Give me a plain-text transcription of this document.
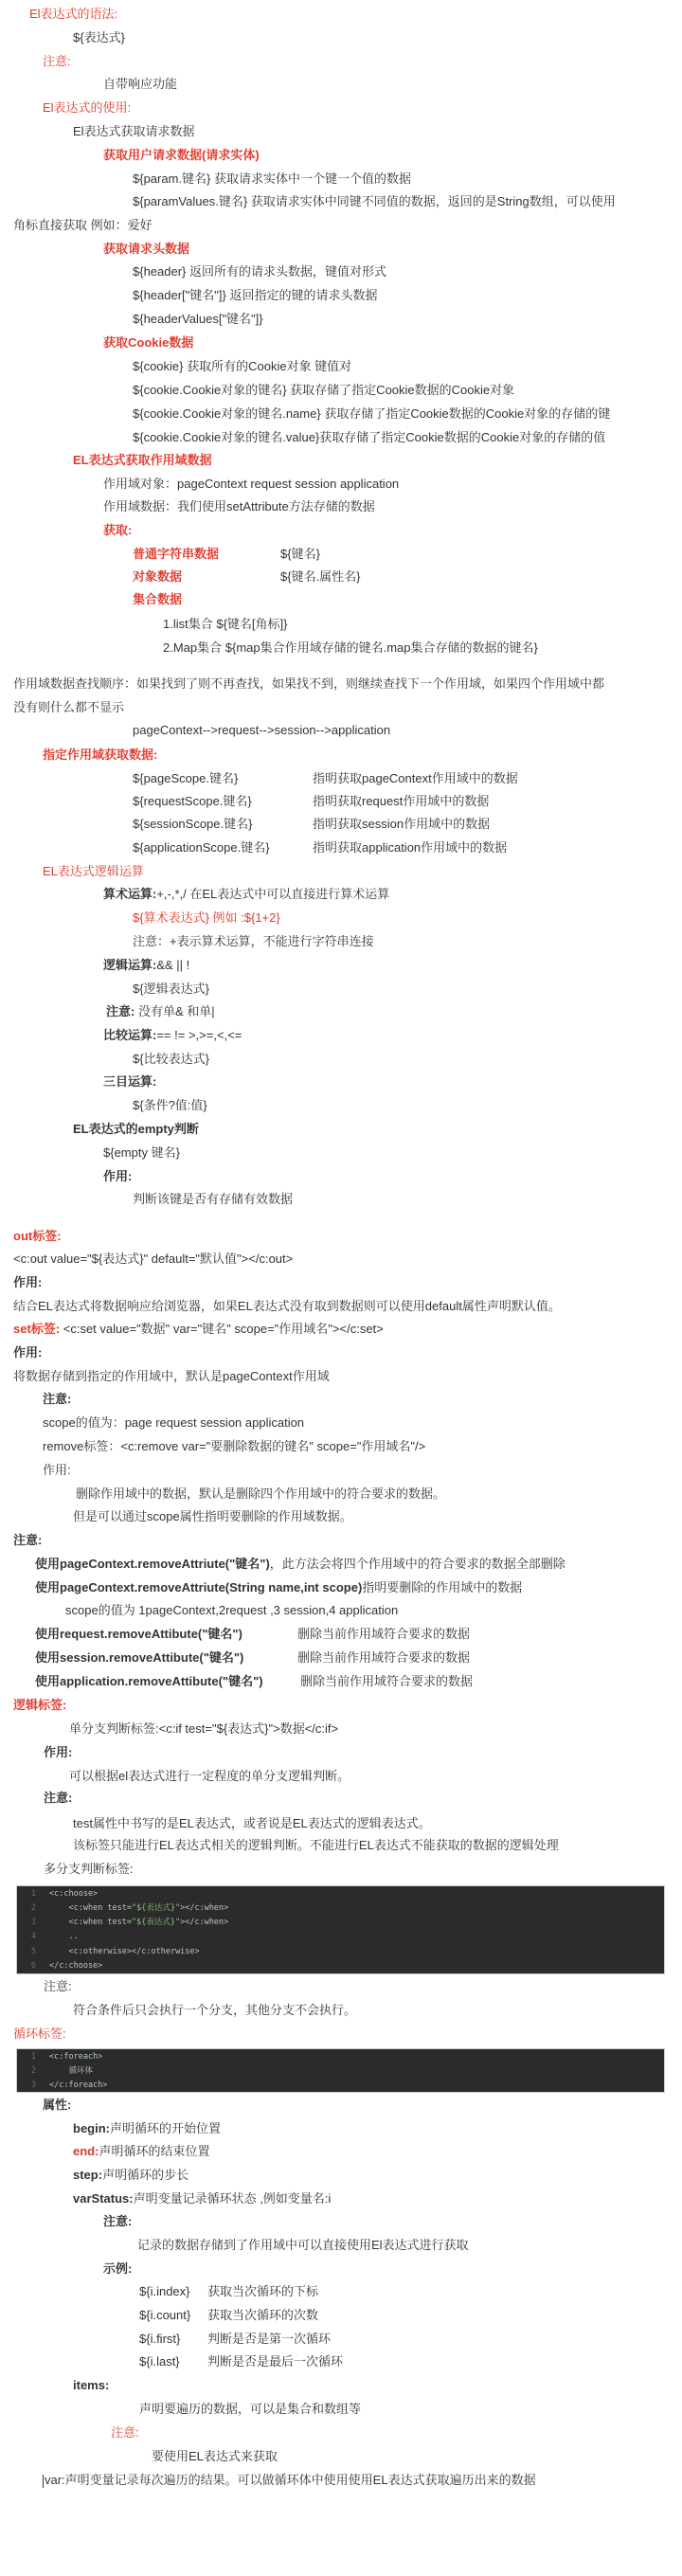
El表达式的语法:
${表达式}
注意:
自带响应功能
El表达式的使用:
El表达式获取请求数据
获取用户请求数据(请求实体)
${param.键名} 获取请求实体中一个键一个值的数据
${paramValues.键名} 获取请求实体中同键不同值的数据，返回的是String数组，可以使用
角标直接获取 例如：爱好
获取请求头数据
${header} 返回所有的请求头数据，键值对形式
${header["键名"]} 返回指定的键的请求头数据
${headerValues["键名"]}
获取Cookie数据
${cookie} 获取所有的Cookie对象 键值对
${cookie.Cookie对象的键名} 获取存储了指定Cookie数据的Cookie对象
${cookie.Cookie对象的键名.name} 获取存储了指定Cookie数据的Cookie对象的存储的键
${cookie.Cookie对象的键名.value}获取存储了指定Cookie数据的Cookie对象的存储的值
EL表达式获取作用域数据
作用域对象：pageContext request session application
作用域数据：我们使用setAttribute方法存储的数据
获取:
普通字符串数据	${键名}
对象数据	${键名.属性名}
集合数据
1.list集合 ${键名[角标]}
2.Map集合 ${map集合作用域存储的键名.map集合存储的数据的键名}
作用域数据查找顺序：如果找到了则不再查找，如果找不到，则继续查找下一个作用域，如果四个作用域中都
没有则什么都不显示
pageContext-->request-->session-->application
指定作用域获取数据:
${pageScope.键名}	指明获取pageContext作用域中的数据
${requestScope.键名}	指明获取request作用域中的数据
${sessionScope.键名}	指明获取session作用域中的数据
${applicationScope.键名}	指明获取application作用域中的数据
EL表达式逻辑运算
算术运算:+,-,*,/ 在EL表达式中可以直接进行算术运算
${算术表达式} 例如 :${1+2}
注意：+表示算术运算，不能进行字符串连接
逻辑运算:&& || !
${逻辑表达式}
注意: 没有单& 和单|
比较运算:== != >,>=,<,<=
${比较表达式}
三目运算:
${条件?值:值}
EL表达式的empty判断
${empty 键名}
作用:
判断该键是否有存储有效数据
out标签:
<c:out value="${表达式}" default="默认值"></c:out>
作用:
结合EL表达式将数据响应给浏览器，如果EL表达式没有取到数据则可以使用default属性声明默认值。
set标签: <c:set value="数据" var="键名" scope="作用域名"></c:set>
作用:
将数据存储到指定的作用域中，默认是pageContext作用域
注意:
scope的值为：page request session application
remove标签：<c:remove var="要删除数据的键名" scope="作用域名"/>
作用:
删除作用域中的数据，默认是删除四个作用域中的符合要求的数据。
但是可以通过scope属性指明要删除的作用域数据。
注意:
使用pageContext.removeAttriute("键名")，此方法会将四个作用域中的符合要求的数据全部删除
使用pageContext.removeAttriute(String name,int scope)指明要删除的作用域中的数据
scope的值为 1pageContext,2request ,3 session,4 application
使用request.removeAttibute("键名")	删除当前作用域符合要求的数据
使用session.removeAttibute("键名")	删除当前作用域符合要求的数据
使用application.removeAttibute("键名")	删除当前作用域符合要求的数据
逻辑标签:
单分支判断标签:<c:if test="${表达式}">数据</c:if>
作用:
可以根据el表达式进行一定程度的单分支逻辑判断。
注意:
test属性中书写的是EL表达式，或者说是EL表达式的逻辑表达式。
该标签只能进行EL表达式相关的逻辑判断。不能进行EL表达式不能获取的数据的逻辑处理
多分支判断标签:
1 <c:choose>
2	<c:when test="${表达式}"></c:when>
3	<c:when test="${表达式}"></c:when>
4	..
5	<c:otherwise></c:otherwise>
6 </c:choose>
注意:
符合条件后只会执行一个分支，其他分支不会执行。
循环标签:
1 <c:foreach>
2	循环体
3 </c:foreach>
属性:
begin:声明循环的开始位置
end:声明循环的结束位置
step:声明循环的步长
varStatus:声明变量记录循环状态 ,例如变量名:i
注意:
记录的数据存储到了作用域中可以直接使用El表达式进行获取
示例:
${i.index} 获取当次循环的下标
${i.count} 获取当次循环的次数
${i.first} 判断是否是第一次循环
${i.last} 判断是否是最后一次循环
items:
声明要遍历的数据，可以是集合和数组等
注意:
要使用EL表达式来获取
var:声明变量记录每次遍历的结果。可以做循环体中使用使用EL表达式获取遍历出来的数据
